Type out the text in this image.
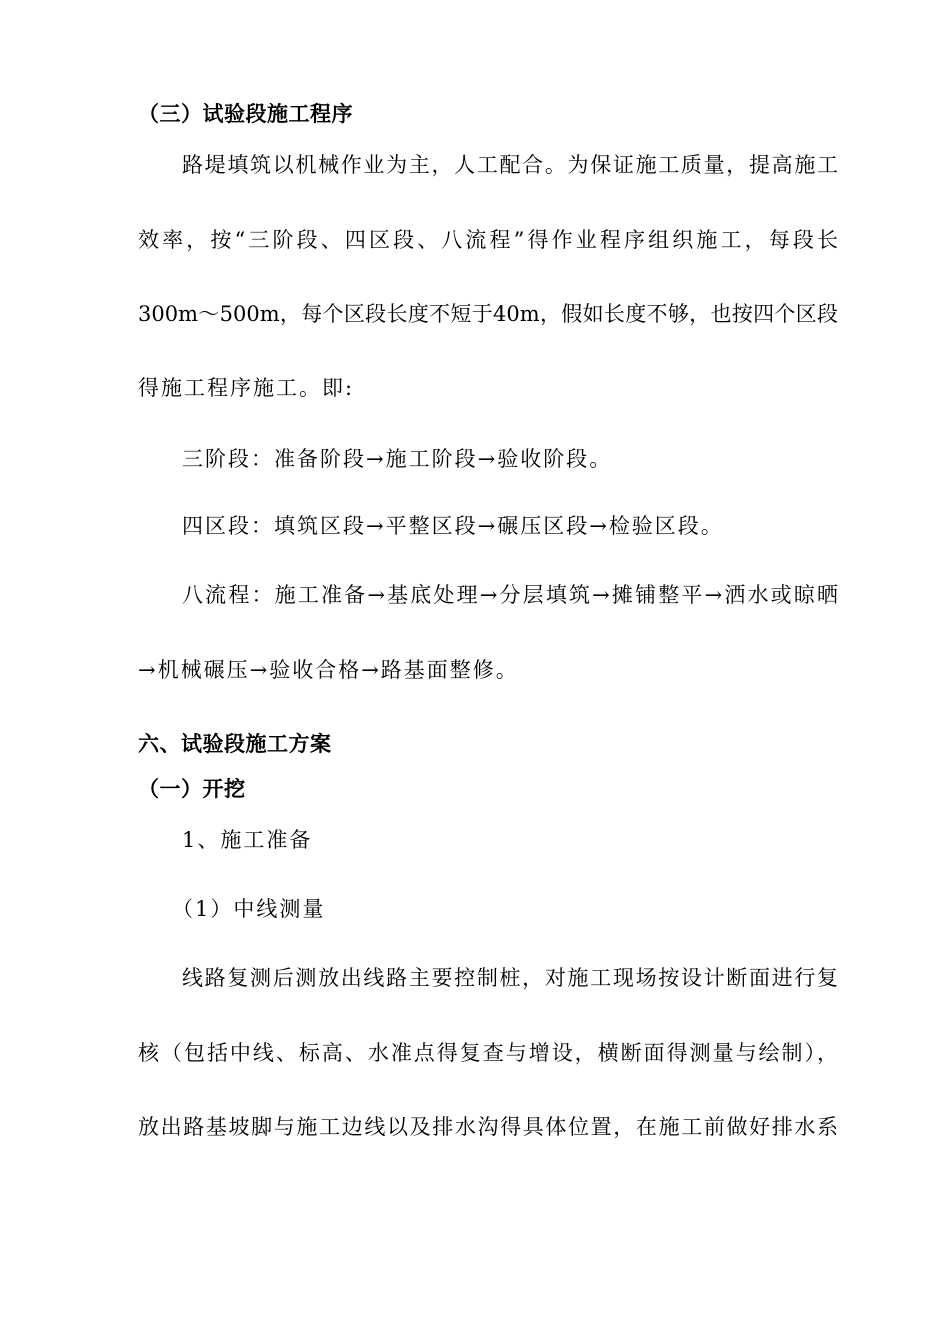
（三）试验段施工程序
路堤填筑以机械作业为主，人工配合。为保证施工质量，提高施工
效率，按“三阶段、四区段、八流程”得作业程序组织施工，每段长
300m～500m，每个区段长度不短于40m，假如长度不够，也按四个区段
得施工程序施工。即:
三阶段：准备阶段→施工阶段→验收阶段。
四区段：填筑区段→平整区段→碾压区段→检验区段。
八流程：施工准备→基底处理→分层填筑→摊铺整平→洒水或晾晒
→机械碾压→验收合格→路基面整修。
六、试验段施工方案
（一）开挖
1、施工准备
（1）中线测量
线路复测后测放出线路主要控制桩，对施工现场按设计断面进行复
核（包括中线、标高、水准点得复查与增设，横断面得测量与绘制），
放出路基坡脚与施工边线以及排水沟得具体位置，在施工前做好排水系
